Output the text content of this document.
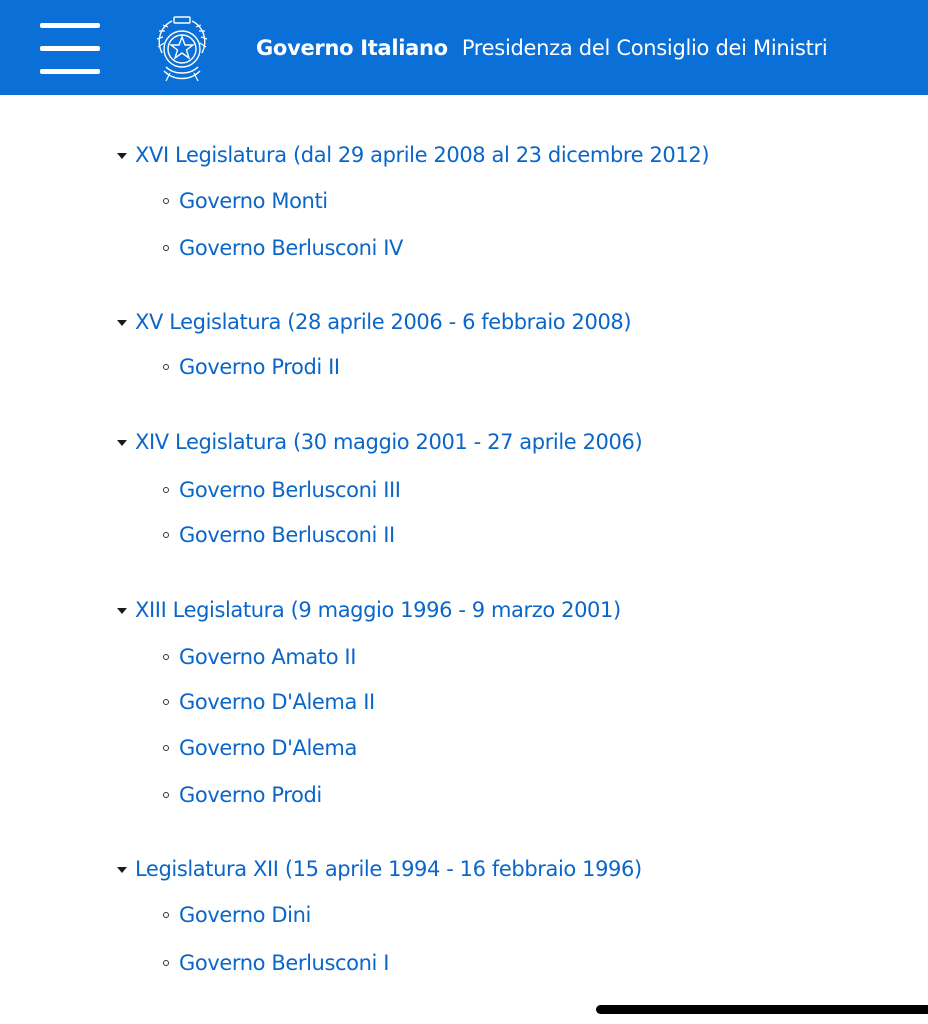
Governo Italiano Presidenza del Consiglio dei Ministri
XVI Legislatura (dal 29 aprile 2008 al 23 dicembre 2012)
Governo Monti
Governo Berlusconi IV
XV Legislatura (28 aprile 2006 - 6 febbraio 2008)
Governo Prodi II
XIV Legislatura (30 maggio 2001 - 27 aprile 2006)
Governo Berlusconi III
Governo Berlusconi II
XIII Legislatura (9 maggio 1996 - 9 marzo 2001)
Governo Amato II
Governo D'Alema II
Governo D'Alema
Governo Prodi
Legislatura XII (15 aprile 1994 - 16 febbraio 1996)
Governo Dini
Governo Berlusconi I
